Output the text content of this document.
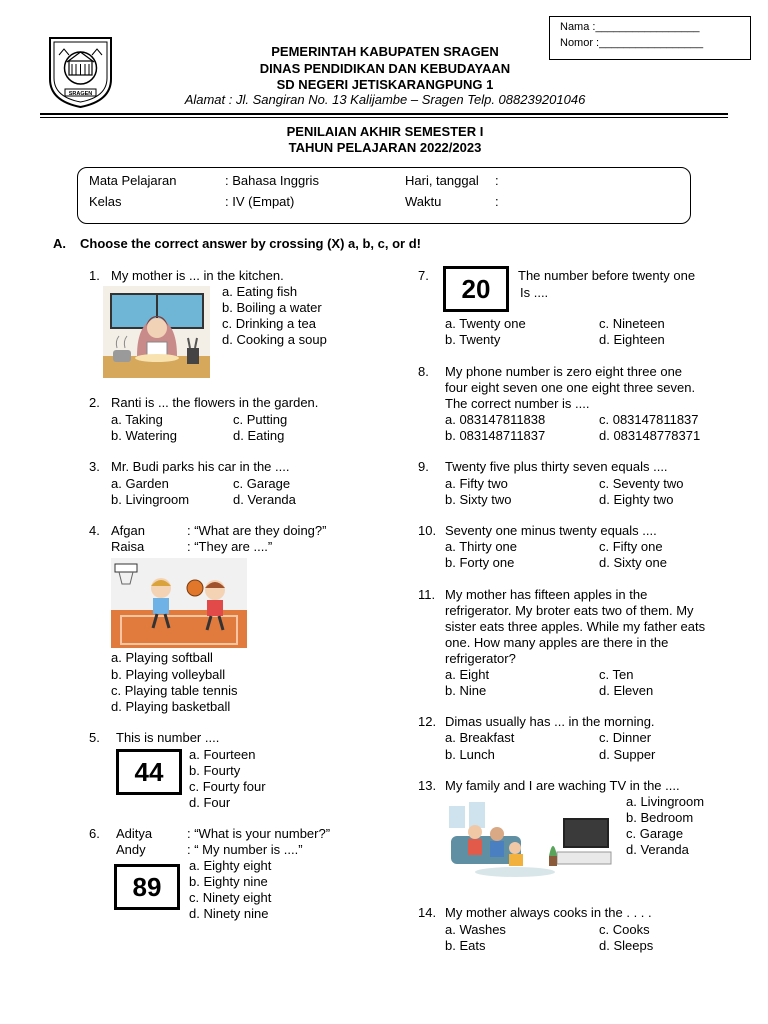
Nama :_________________
Nomor :_________________
SRAGEN
PEMERINTAH KABUPATEN SRAGEN
DINAS PENDIDIKAN DAN KEBUDAYAAN
SD NEGERI JETISKARANGPUNG 1
Alamat : Jl. Sangiran No. 13 Kalijambe – Sragen Telp. 088239201046
PENILAIAN AKHIR SEMESTER I
TAHUN PELAJARAN 2022/2023
Mata Pelajaran	: Bahasa Inggris
Kelas	: IV (Empat)
Hari, tanggal :
Waktu	:
A. Choose the correct answer by crossing (X) a, b, c, or d!
1. My mother is ... in the kitchen.
a. Eating fish
b. Boiling a water
c. Drinking a tea
d. Cooking a soup
2. Ranti is ... the flowers in the garden.
a. Taking
b. Watering
c. Putting
d. Eating
3. Mr. Budi parks his car in the ....
a. Garden
b. Livingroom
c. Garage
d. Veranda
4. Afgan	: “What are they doing?”
Raisa	: “They are ....”
a. Playing softball
b. Playing volleyball
c. Playing table tennis
d. Playing basketball
5. This is number ....
44
a. Fourteen
b. Fourty
c. Fourty four
d. Four
6. Aditya	: “What is your number?”
Andy	: “ My number is ....”
89
a. Eighty eight
b. Eighty nine
c. Ninety eight
d. Ninety nine
7.	20	The number before twenty one
Is ....
a. Twenty one
b. Twenty
c. Nineteen
d. Eighteen
8. My phone number is zero eight three one
four eight seven one one eight three seven.
The correct number is ....
a. 083147811838
b. 083148711837
c. 083147811837
d. 083148778371
9. Twenty five plus thirty seven equals ....
a. Fifty two
b. Sixty two
c. Seventy two
d. Eighty two
10. Seventy one minus twenty equals ....
a. Thirty one
b. Forty one
c. Fifty one
d. Sixty one
11. My mother has fifteen apples in the
refrigerator. My broter eats two of them. My
sister eats three apples. While my father eats
one. How many apples are there in the
refrigerator?
a. Eight
b. Nine
c. Ten
d. Eleven
12. Dimas usually has ... in the morning.
a. Breakfast
b. Lunch
c. Dinner
d. Supper
13. My family and I are waching TV in the ....
a. Livingroom
b. Bedroom
c. Garage
d. Veranda
14. My mother always cooks in the . . . .
a. Washes
b. Eats
c. Cooks
d. Sleeps
